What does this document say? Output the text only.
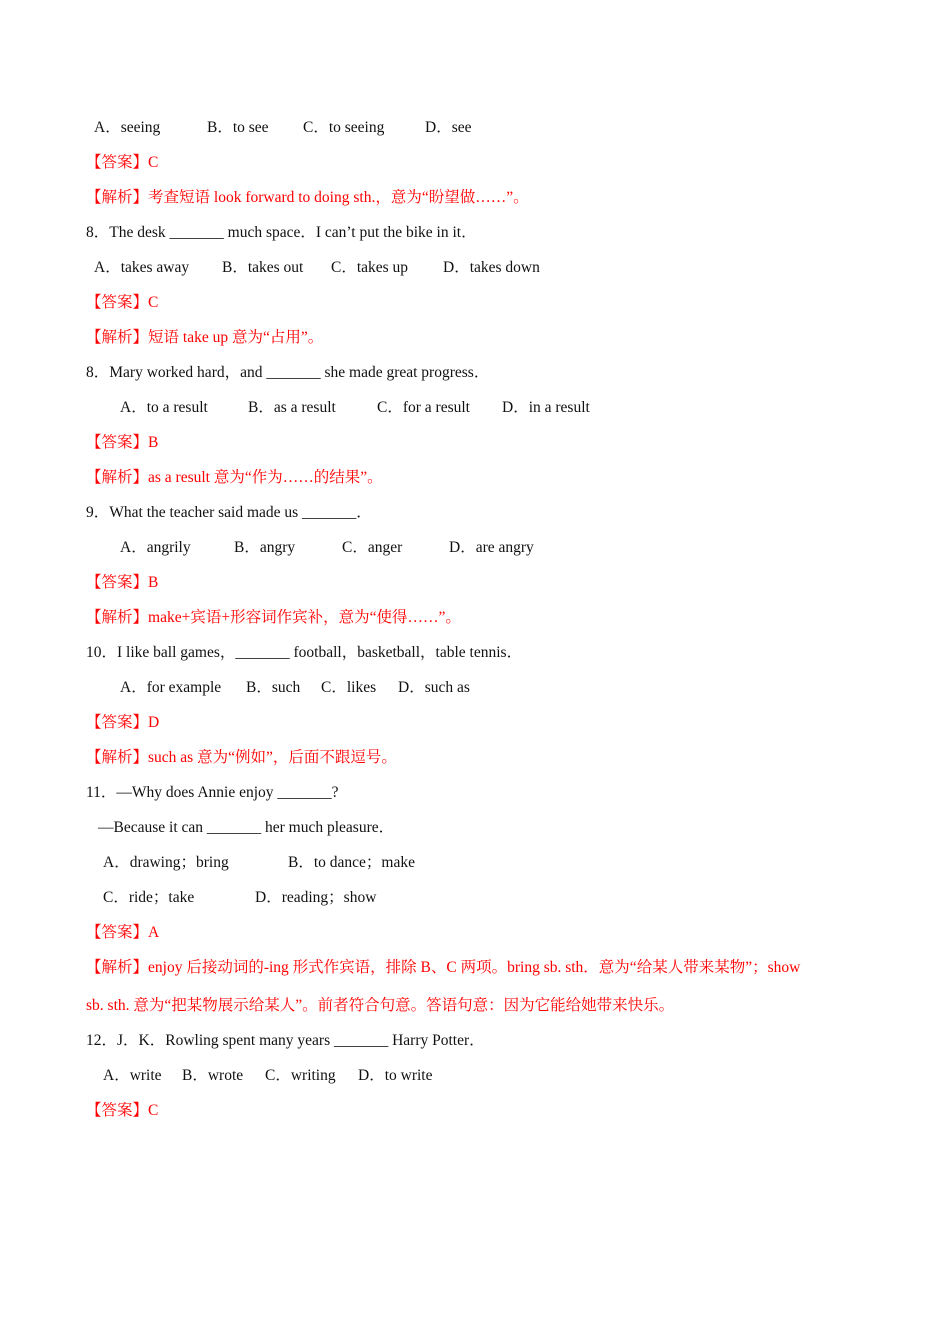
A．seeing	B．to see C．to seeing	D．see
【答案】C
【解析】考查短语 look forward to doing sth.，意为“盼望做……”。
8．The desk _______ much space．I can’t put the bike in it．
A．takes away B．takes out C．takes up D．takes down
【答案】C
【解析】短语 take up 意为“占用”。
8．Mary worked hard，and _______ she made great progress．
A．to a result	B．as a result	C．for a result D．in a result
【答案】B
【解析】as a result 意为“作为……的结果”。
9．What the teacher said made us _______．
A．angrily	B．angry	C．anger	D．are angry
【答案】B
【解析】make+宾语+形容词作宾补，意为“使得……”。
10．I like ball games，_______ football，basketball，table tennis．
A．for example B．such C．likes D．such as
【答案】D
【解析】such as 意为“例如”，后面不跟逗号。
11．—Why does Annie enjoy _______?
—Because it can _______ her much pleasure．
A．drawing；bring	B．to dance；make
C．ride；take	D．reading；show
【答案】A
【解析】enjoy 后接动词的-ing 形式作宾语，排除 B、C 两项。bring sb. sth．意为“给某人带来某物”；show
sb. sth. 意为“把某物展示给某人”。前者符合句意。答语句意：因为它能给她带来快乐。
12．J．K．Rowling spent many years _______ Harry Potter．
A．write B．wrote C．writing D．to write
【答案】C
